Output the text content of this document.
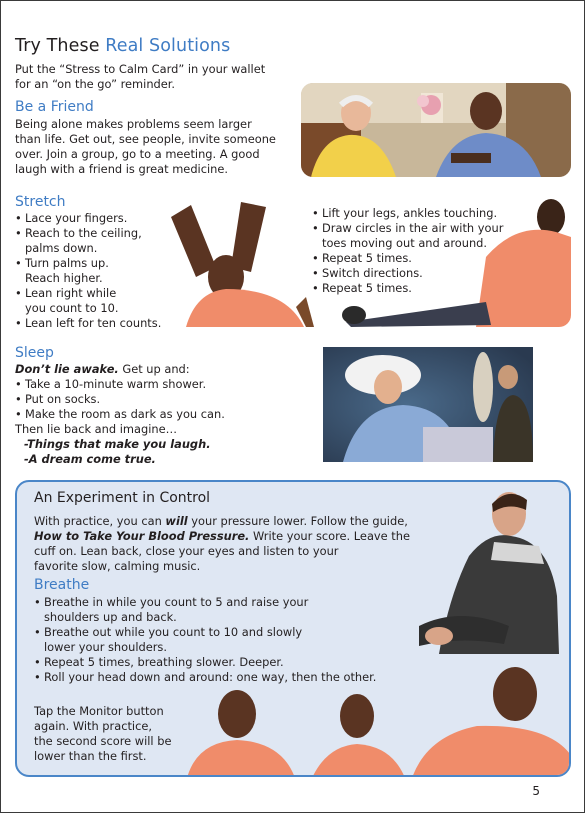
Try These Real Solutions
Put the “Stress to Calm Card” in your wallet
for an “on the go” reminder.
Be a Friend
Being alone makes problems seem larger
than life. Get out, see people, invite someone
over. Join a group, go to a meeting. A good
laugh with a friend is great medicine.
Stretch
• Lace your fingers.
• Reach to the ceiling,
palms down.
• Turn palms up.
Reach higher.
• Lean right while
you count to 10.
• Lean left for ten counts.
• Lift your legs, ankles touching.
• Draw circles in the air with your
toes moving out and around.
• Repeat 5 times.
• Switch directions.
• Repeat 5 times.
Sleep
Don’t lie awake. Get up and:
• Take a 10-minute warm shower.
• Put on socks.
• Make the room as dark as you can.
Then lie back and imagine…
-Things that make you laugh.
-A dream come true.
An Experiment in Control
With practice, you can will your pressure lower. Follow the guide,
How to Take Your Blood Pressure. Write your score. Leave the
cuff on. Lean back, close your eyes and listen to your
favorite slow, calming music.
Breathe
• Breathe in while you count to 5 and raise your
shoulders up and back.
• Breathe out while you count to 10 and slowly
lower your shoulders.
• Repeat 5 times, breathing slower. Deeper.
• Roll your head down and around: one way, then the other.
Tap the Monitor button
again. With practice,
the second score will be
lower than the first.
5
